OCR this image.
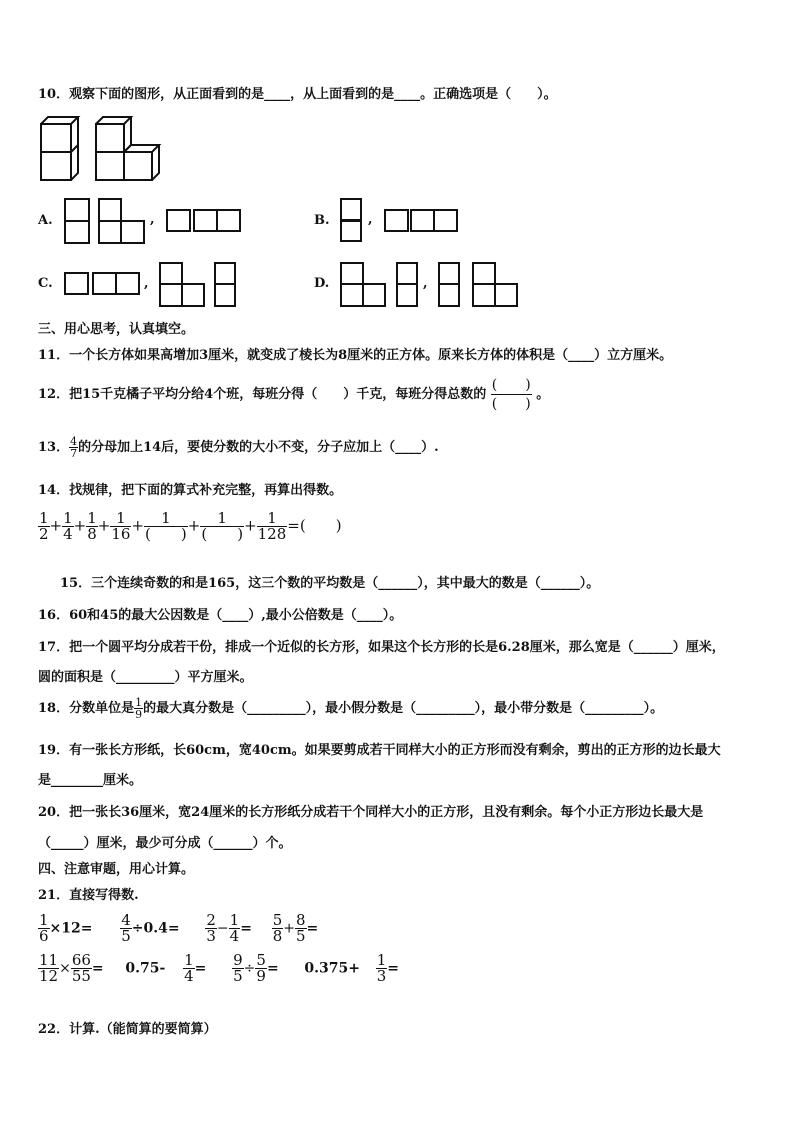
10．观察下面的图形，从正面看到的是____，从上面看到的是____。正确选项是（　　）。
A.	,	B.	,
C.	,	D.	,
三、用心思考，认真填空。
11．一个长方体如果高增加3厘米，就变成了棱长为8厘米的正方体。原来长方体的体积是（____）立方厘米。
12．把15千克橘子平均分给4个班，每班分得（　　）千克，每班分得总数的 $\frac{( )}{( )}$ 。
13． $\frac{4}{7}$ 的分母加上14后，要使分数的大小不变，分子应加上（____）.
14．找规律，把下面的算式补充完整，再算出得数。
$\frac{1}{2} + \frac{1}{4} + \frac{1}{8} + \frac{1}{16} + \frac{1}{( )} + \frac{1}{( )} + \frac{1}{128}$ =(　　)
15．三个连续奇数的和是165，这三个数的平均数是（______），其中最大的数是（______）。
16．60和45的最大公因数是（____）,最小公倍数是（____）。
17．把一个圆平均分成若干份，排成一个近似的长方形，如果这个长方形的长是6.28厘米，那么宽是（______）厘米，
圆的面积是（_________）平方厘米。
18．分数单位是 $\frac{1}{9}$ 的最大真分数是（_________），最小假分数是（_________），最小带分数是（_________）。
19．有一张长方形纸，长60cm，宽40cm。如果要剪成若干同样大小的正方形而没有剩余，剪出的正方形的边长最大
是________厘米。
20．把一张长36厘米，宽24厘米的长方形纸分成若干个同样大小的正方形，且没有剩余。每个小正方形边长最大是
（_____）厘米，最少可分成（______）个。
四、注意审题，用心计算。
21．直接写得数.
$\frac{1}{6} \times 12= \frac{4}{5} \div 0.4= \frac{2}{3} - \frac{1}{4} = \frac{5}{8} + \frac{8}{5}$ =
$\frac{11}{12} \times \frac{66}{55} = 0.75- \frac{1}{4} = \frac{9}{5} \div \frac{5}{9} = 0.375+ \frac{1}{3}$ =
22．计算.（能简算的要简算）
